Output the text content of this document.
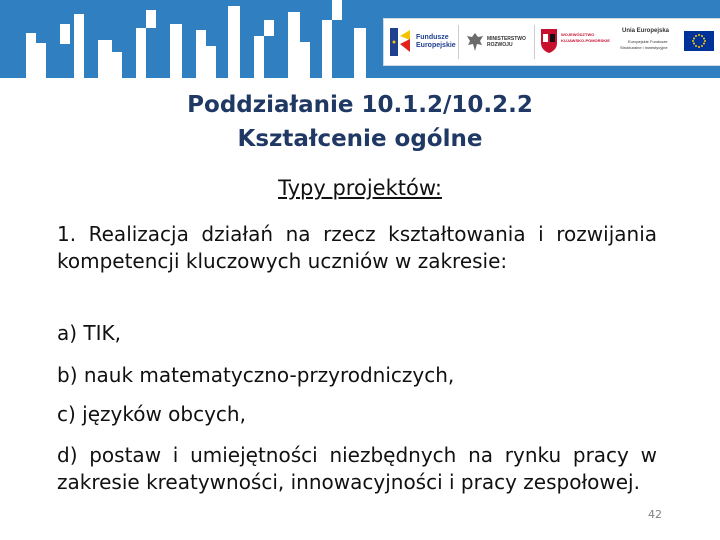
Fundusze
Europejskie
MINISTERSTWO
ROZWOJU
WOJEWÓDZTWO
KUJAWSKO-POMORSKIE
Unia Europejska
Europejskie Fundusze
Strukturalne i Inwestycyjne
Poddziałanie 10.1.2/10.2.2
Kształcenie ogólne
Typy projektów:
1. Realizacja działań na rzecz kształtowania i rozwijania kompetencji kluczowych uczniów w zakresie:
a) TIK,
b) nauk matematyczno-przyrodniczych,
c) języków obcych,
d) postaw i umiejętności niezbędnych na rynku pracy w zakresie kreatywności, innowacyjności i pracy zespołowej.
42
